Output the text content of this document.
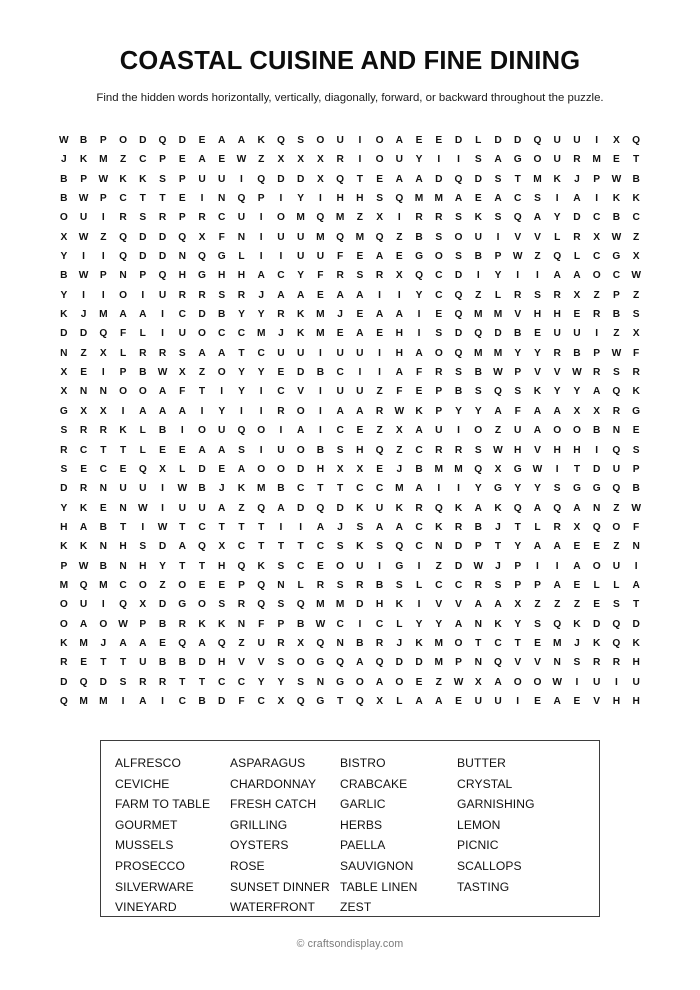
COASTAL CUISINE AND FINE DINING
Find the hidden words horizontally, vertically, diagonally, forward, or backward throughout the puzzle.
W	B	P	O	D	Q	D	E	A	A	K	Q	S	O	U	I	O	A	E	E	D	L	D	D	Q	U	U	I	X	Q
J	K	M	Z	C	P	E	A	E	W	Z	X	X	X	R	I	O	U	Y	I	I	S	A	G	O	U	R	M	E	T
B	P	W	K	K	S	P	U	U	I	Q	D	D	X	Q	T	E	A	A	D	Q	D	S	T	M	K	J	P	W	B
B	W	P	C	T	T	E	I	N	Q	P	I	Y	I	H	H	S	Q	M	M	A	E	A	C	S	I	A	I	K	K
O	U	I	R	S	R	P	R	C	U	I	O	M	Q	M	Z	X	I	R	R	S	K	S	Q	A	Y	D	C	B	C
X	W	Z	Q	D	D	Q	X	F	N	I	U	U	M	Q	M	Q	Z	B	S	O	U	I	V	V	L	R	X	W	Z
Y	I	I	Q	D	D	N	Q	G	L	I	I	U	U	F	E	A	E	G	O	S	B	P	W	Z	Q	L	C	G	X
B	W	P	N	P	Q	H	G	H	H	A	C	Y	F	R	S	R	X	Q	C	D	I	Y	I	I	A	A	O	C	W
Y	I	I	O	I	U	R	R	S	R	J	A	A	E	A	A	I	I	Y	C	Q	Z	L	R	S	R	X	Z	P	Z
K	J	M	A	A	I	C	D	B	Y	Y	R	K	M	J	E	A	A	I	E	Q	M	M	V	H	H	E	R	B	S
D	D	Q	F	L	I	U	O	C	C	M	J	K	M	E	A	E	H	I	S	D	Q	D	B	E	U	U	I	Z	X
N	Z	X	L	R	R	S	A	A	T	C	U	U	I	U	U	I	H	A	O	Q	M	M	Y	Y	R	B	P	W	F
X	E	I	P	B	W	X	Z	O	Y	Y	E	D	B	C	I	I	A	F	R	S	B	W	P	V	V	W	R	S	R
X	N	N	O	O	A	F	T	I	Y	I	C	V	I	U	U	Z	F	E	P	B	S	Q	S	K	Y	Y	A	Q	K
G	X	X	I	A	A	A	I	Y	I	I	R	O	I	A	A	R	W	K	P	Y	Y	A	F	A	A	X	X	R	G
S	R	R	K	L	B	I	O	U	Q	O	I	A	I	C	E	Z	X	A	U	I	O	Z	U	A	O	O	B	N	E
R	C	T	T	L	E	E	A	A	S	I	U	O	B	S	H	Q	Z	C	R	R	S	W	H	V	H	H	I	Q	S
S	E	C	E	Q	X	L	D	E	A	O	O	D	H	X	X	E	J	B	M	M	Q	X	G	W	I	T	D	U	P
D	R	N	U	U	I	W	B	J	K	M	B	C	T	T	C	C	M	A	I	I	Y	G	Y	Y	S	G	G	Q	B
Y	K	E	N	W	I	U	U	A	Z	Q	A	D	Q	D	K	U	K	R	Q	K	A	K	Q	A	Q	A	N	Z	W
H	A	B	T	I	W	T	C	T	T	T	I	I	A	J	S	A	A	C	K	R	B	J	T	L	R	X	Q	O	F
K	K	N	H	S	D	A	Q	X	C	T	T	T	C	S	K	S	Q	C	N	D	P	T	Y	A	A	E	E	Z	N
P	W	B	N	H	Y	T	T	H	Q	K	S	C	E	O	U	I	G	I	Z	D	W	J	P	I	I	A	O	U	I
M	Q	M	C	O	Z	O	E	E	P	Q	N	L	R	S	R	B	S	L	C	C	R	S	P	P	A	E	L	L	A
O	U	I	Q	X	D	G	O	S	R	Q	S	Q	M	M	D	H	K	I	V	V	A	A	X	Z	Z	Z	E	S	T
O	A	O	W	P	B	R	K	K	N	F	P	B	W	C	I	C	L	Y	Y	A	N	K	Y	S	Q	K	D	Q	D
K	M	J	A	A	E	Q	A	Q	Z	U	R	X	Q	N	B	R	J	K	M	O	T	C	T	E	M	J	K	Q	K
R	E	T	T	U	B	B	D	H	V	V	S	O	G	Q	A	Q	D	D	M	P	N	Q	V	V	N	S	R	R	H
D	Q	D	S	R	R	T	T	C	C	Y	Y	S	N	G	O	A	O	E	Z	W	X	A	O	O	W	I	U	I	U
Q	M	M	I	A	I	C	B	D	F	C	X	Q	G	T	Q	X	L	A	A	E	U	U	I	E	A	E	V	H	H
ALFRESCO
CEVICHE
FARM TO TABLE
GOURMET
MUSSELS
PROSECCO
SILVERWARE
VINEYARD
ASPARAGUS
CHARDONNAY
FRESH CATCH
GRILLING
OYSTERS
ROSE
SUNSET DINNER
WATERFRONT
BISTRO
CRABCAKE
GARLIC
HERBS
PAELLA
SAUVIGNON
TABLE LINEN
ZEST
BUTTER
CRYSTAL
GARNISHING
LEMON
PICNIC
SCALLOPS
TASTING
© craftsondisplay.com
